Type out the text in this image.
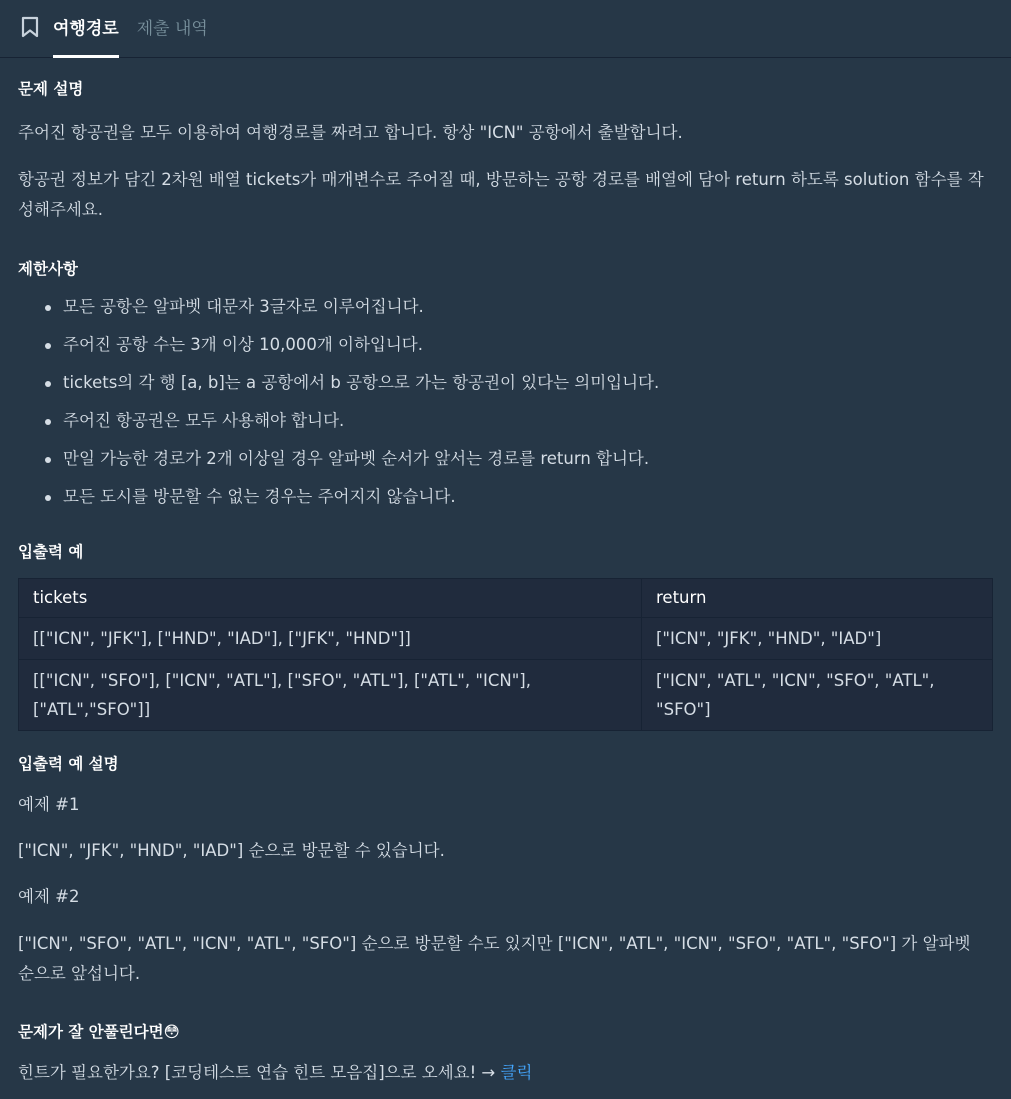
여행경로 제출 내역
문제 설명

주어진 항공권을 모두 이용하여 여행경로를 짜려고 합니다. 항상 "ICN" 공항에서 출발합니다.

항공권 정보가 담긴 2차원 배열 tickets가 매개변수로 주어질 때, 방문하는 공항 경로를 배열에 담아 return 하도록 solution 함수를 작성해주세요.

제한사항
모든 공항은 알파벳 대문자 3글자로 이루어집니다.
주어진 공항 수는 3개 이상 10,000개 이하입니다.
tickets의 각 행 [a, b]는 a 공항에서 b 공항으로 가는 항공권이 있다는 의미입니다.
주어진 항공권은 모두 사용해야 합니다.
만일 가능한 경로가 2개 이상일 경우 알파벳 순서가 앞서는 경로를 return 합니다.
모든 도시를 방문할 수 없는 경우는 주어지지 않습니다.
입출력 예
tickets	return
[["ICN", "JFK"], ["HND", "IAD"], ["JFK", "HND"]]	["ICN", "JFK", "HND", "IAD"]
[["ICN", "SFO"], ["ICN", "ATL"], ["SFO", "ATL"], ["ATL", "ICN"], ["ATL","SFO"]]	["ICN", "ATL", "ICN", "SFO", "ATL", "SFO"]
입출력 예 설명

예제 #1

["ICN", "JFK", "HND", "IAD"] 순으로 방문할 수 있습니다.

예제 #2

["ICN", "SFO", "ATL", "ICN", "ATL", "SFO"] 순으로 방문할 수도 있지만 ["ICN", "ATL", "ICN", "SFO", "ATL", "SFO"] 가 알파벳 순으로 앞섭니다.

문제가 잘 안풀린다면😳

힌트가 필요한가요? [코딩테스트 연습 힌트 모음집]으로 오세요! → 클릭
